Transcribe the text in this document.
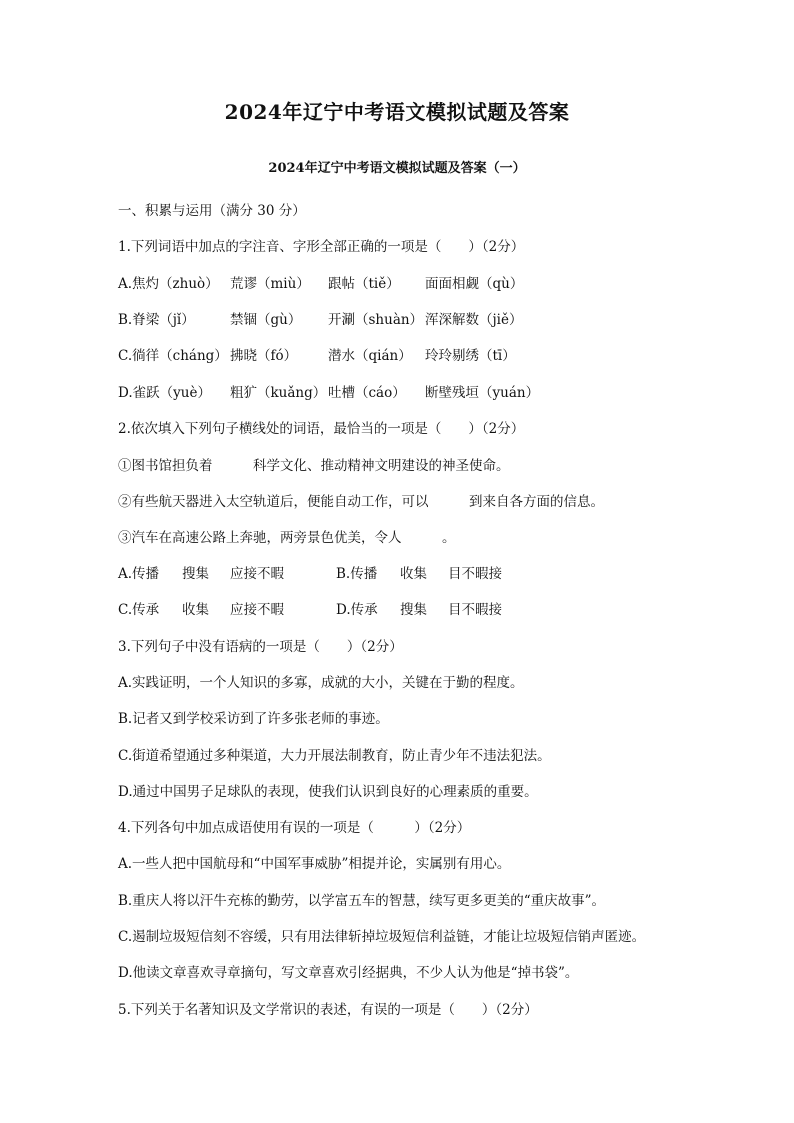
2024年辽宁中考语文模拟试题及答案
2024年辽宁中考语文模拟试题及答案（一）
一、积累与运用（满分 30 分）
1.下列词语中加点的字注音、字形全部正确的一项是（　　）（2分）
A.焦灼（zhuò） 荒谬（miù） 跟帖（tiě） 面面相觑（qù）
B.脊梁（jǐ）	禁锢（gù） 开涮（shuàn） 浑深解数（jiě）
C.徜徉（cháng） 拂晓（fó） 潜水（qián） 玲玲剔绣（tī）
D.雀跃（yuè） 粗犷（kuǎng） 吐槽（cáo） 断壁残垣（yuán）
2.依次填入下列句子横线处的词语，最恰当的一项是（　　）（2分）
①图书馆担负着　　　科学文化、推动精神文明建设的神圣使命。
②有些航天器进入太空轨道后，便能自动工作，可以　　　到来自各方面的信息。
③汽车在高速公路上奔驰，两旁景色优美，令人　　　。
A.传播 搜集 应接不暇	B.传播 收集 目不暇接
C.传承 收集 应接不暇	D.传承 搜集 目不暇接
3.下列句子中没有语病的一项是（　　）（2分）
A.实践证明，一个人知识的多寡，成就的大小，关键在于勤的程度。
B.记者又到学校采访到了许多张老师的事迹。
C.街道希望通过多种渠道，大力开展法制教育，防止青少年不违法犯法。
D.通过中国男子足球队的表现，使我们认识到良好的心理素质的重要。
4.下列各句中加点成语使用有误的一项是（　　　）（2分）
A.一些人把中国航母和“中国军事威胁”相提并论，实属别有用心。
B.重庆人将以汗牛充栋的勤劳，以学富五车的智慧，续写更多更美的“重庆故事”。
C.遏制垃圾短信刻不容缓，只有用法律斩掉垃圾短信利益链，才能让垃圾短信销声匿迹。
D.他读文章喜欢寻章摘句，写文章喜欢引经据典，不少人认为他是“掉书袋”。
5.下列关于名著知识及文学常识的表述，有误的一项是（　　）（2分）
